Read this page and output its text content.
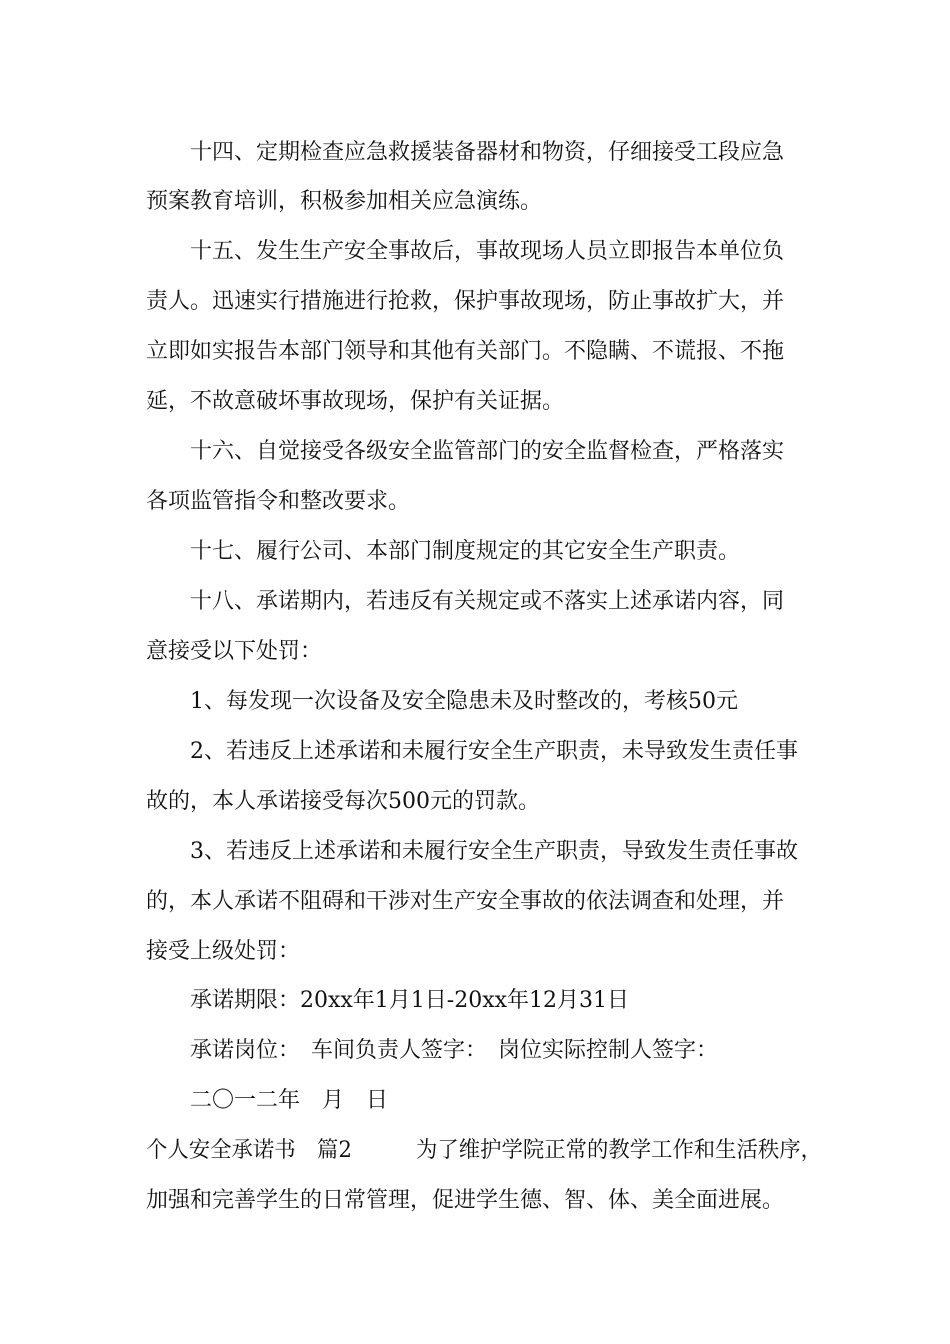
　　十四、定期检查应急救援装备器材和物资，仔细接受工段应急
预案教育培训，积极参加相关应急演练。
　　十五、发生生产安全事故后，事故现场人员立即报告本单位负
责人。迅速实行措施进行抢救，保护事故现场，防止事故扩大，并
立即如实报告本部门领导和其他有关部门。不隐瞒、不谎报、不拖
延，不故意破坏事故现场，保护有关证据。
　　十六、自觉接受各级安全监管部门的安全监督检查，严格落实
各项监管指令和整改要求。
　　十七、履行公司、本部门制度规定的其它安全生产职责。
　　十八、承诺期内，若违反有关规定或不落实上述承诺内容，同
意接受以下处罚：
　　1、每发现一次设备及安全隐患未及时整改的，考核50元
　　2、若违反上述承诺和未履行安全生产职责，未导致发生责任事
故的，本人承诺接受每次500元的罚款。
　　3、若违反上述承诺和未履行安全生产职责，导致发生责任事故
的，本人承诺不阻碍和干涉对生产安全事故的依法调查和处理，并
接受上级处罚：
　　承诺期限：20xx年1月1日-20xx年12月31日
　　承诺岗位：　车间负责人签字：　岗位实际控制人签字：
　　二〇一二年　月　日
个人安全承诺书　篇2　　　为了维护学院正常的教学工作和生活秩序，
加强和完善学生的日常管理，促进学生德、智、体、美全面进展。
